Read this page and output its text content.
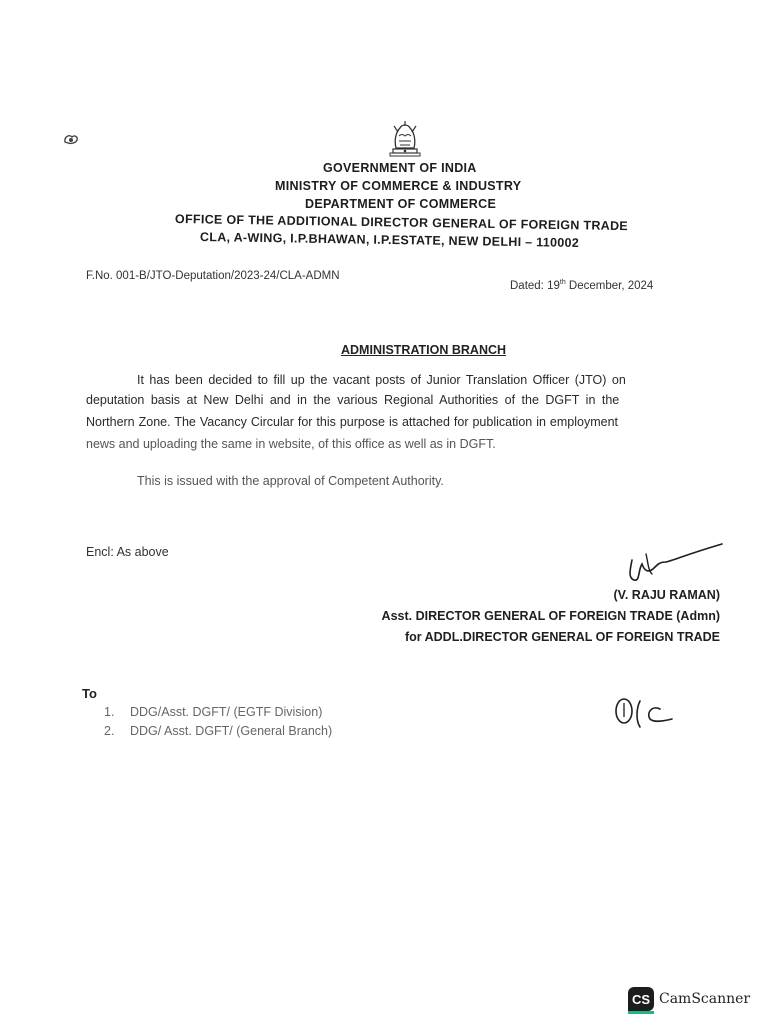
GOVERNMENT OF INDIA
MINISTRY OF COMMERCE & INDUSTRY
DEPARTMENT OF COMMERCE
OFFICE OF THE ADDITIONAL DIRECTOR GENERAL OF FOREIGN TRADE
CLA, A-WING, I.P.BHAWAN, I.P.ESTATE, NEW DELHI – 110002
F.No. 001-B/JTO-Deputation/2023-24/CLA-ADMN
Dated: 19th December, 2024
ADMINISTRATION BRANCH
It has been decided to fill up the vacant posts of Junior Translation Officer (JTO) on
deputation basis at New Delhi and in the various Regional Authorities of the DGFT in the
Northern Zone. The Vacancy Circular for this purpose is attached for publication in employment
news and uploading the same in website, of this office as well as in DGFT.
This is issued with the approval of Competent Authority.
Encl: As above
(V. RAJU RAMAN)
Asst. DIRECTOR GENERAL OF FOREIGN TRADE (Admn)
for ADDL.DIRECTOR GENERAL OF FOREIGN TRADE
To
1. DDG/Asst. DGFT/ (EGTF Division)
2. DDG/ Asst. DGFT/ (General Branch)
CS CamScanner
